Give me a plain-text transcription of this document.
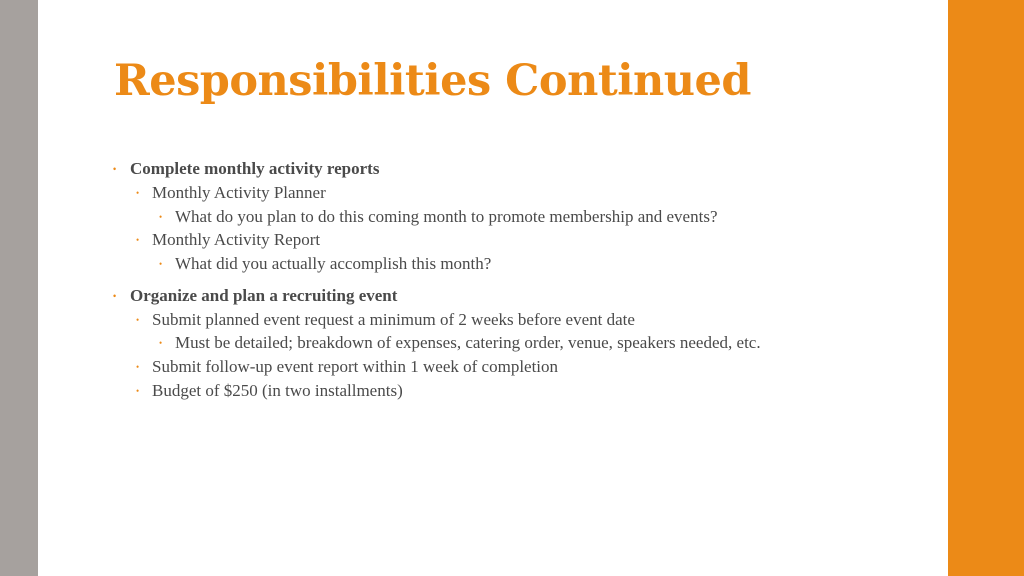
Responsibilities Continued
• Complete monthly activity reports
• Monthly Activity Planner
• What do you plan to do this coming month to promote membership and events?
• Monthly Activity Report
• What did you actually accomplish this month?
• Organize and plan a recruiting event
• Submit planned event request a minimum of 2 weeks before event date
• Must be detailed; breakdown of expenses, catering order, venue, speakers needed, etc.
• Submit follow-up event report within 1 week of completion
• Budget of $250 (in two installments)
